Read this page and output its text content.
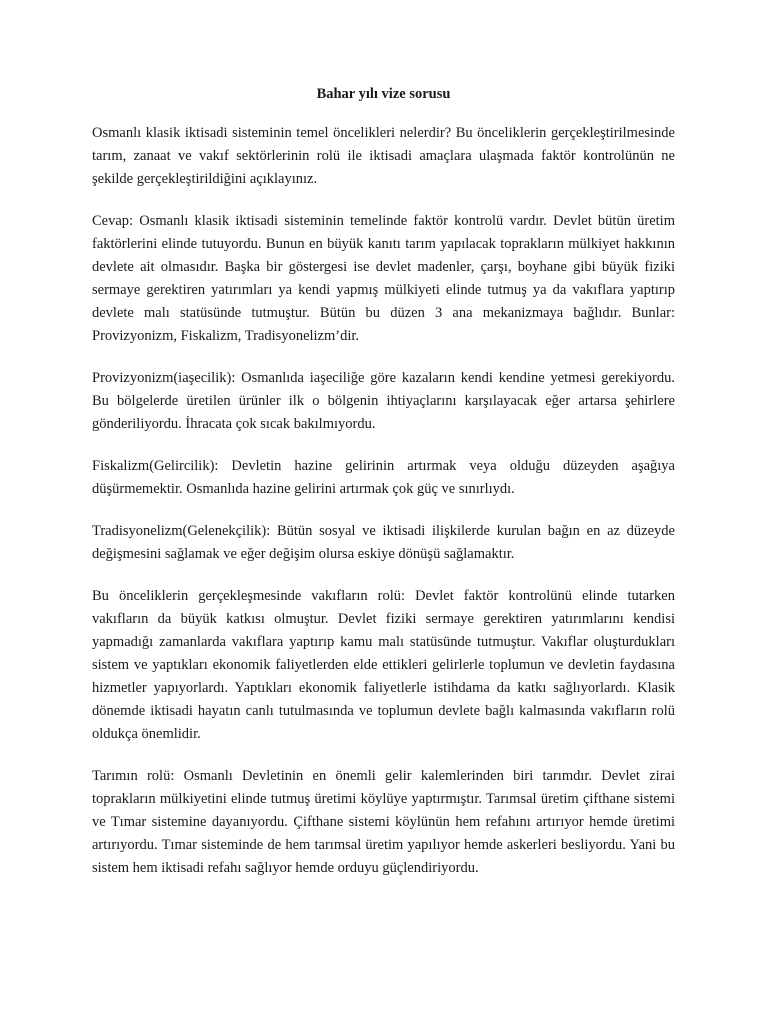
Bahar yılı vize sorusu

Osmanlı klasik iktisadi sisteminin temel öncelikleri nelerdir? Bu önceliklerin gerçekleştirilmesinde tarım, zanaat ve vakıf sektörlerinin rolü ile iktisadi amaçlara ulaşmada faktör kontrolünün ne şekilde gerçekleştirildiğini açıklayınız.

Cevap: Osmanlı klasik iktisadi sisteminin temelinde faktör kontrolü vardır. Devlet bütün üretim faktörlerini elinde tutuyordu. Bunun en büyük kanıtı tarım yapılacak toprakların mülkiyet hakkının devlete ait olmasıdır. Başka bir göstergesi ise devlet madenler, çarşı, boyhane gibi büyük fiziki sermaye gerektiren yatırımları ya kendi yapmış mülkiyeti elinde tutmuş ya da vakıflara yaptırıp devlete malı statüsünde tutmuştur. Bütün bu düzen 3 ana mekanizmaya bağlıdır. Bunlar: Provizyonizm, Fiskalizm, Tradisyonelizm’dir.

Provizyonizm(iaşecilik): Osmanlıda iaşeciliğe göre kazaların kendi kendine yetmesi gerekiyordu. Bu bölgelerde üretilen ürünler ilk o bölgenin ihtiyaçlarını karşılayacak eğer artarsa şehirlere gönderiliyordu. İhracata çok sıcak bakılmıyordu.

Fiskalizm(Gelircilik): Devletin hazine gelirinin artırmak veya olduğu düzeyden aşağıya düşürmemektir. Osmanlıda hazine gelirini artırmak çok güç ve sınırlıydı.

Tradisyonelizm(Gelenekçilik): Bütün sosyal ve iktisadi ilişkilerde kurulan bağın en az düzeyde değişmesini sağlamak ve eğer değişim olursa eskiye dönüşü sağlamaktır.

Bu önceliklerin gerçekleşmesinde vakıfların rolü: Devlet faktör kontrolünü elinde tutarken vakıfların da büyük katkısı olmuştur. Devlet fiziki sermaye gerektiren yatırımlarını kendisi yapmadığı zamanlarda vakıflara yaptırıp kamu malı statüsünde tutmuştur. Vakıflar oluşturdukları sistem ve yaptıkları ekonomik faliyetlerden elde ettikleri gelirlerle toplumun ve devletin faydasına hizmetler yapıyorlardı. Yaptıkları ekonomik faliyetlerle istihdama da katkı sağlıyorlardı. Klasik dönemde iktisadi hayatın canlı tutulmasında ve toplumun devlete bağlı kalmasında vakıfların rolü oldukça önemlidir.

Tarımın rolü: Osmanlı Devletinin en önemli gelir kalemlerinden biri tarımdır. Devlet zirai toprakların mülkiyetini elinde tutmuş üretimi köylüye yaptırmıştır. Tarımsal üretim çifthane sistemi ve Tımar sistemine dayanıyordu. Çifthane sistemi köylünün hem refahını artırıyor hemde üretimi artırıyordu. Tımar sisteminde de hem tarımsal üretim yapılıyor hemde askerleri besliyordu. Yani bu sistem hem iktisadi refahı sağlıyor hemde orduyu güçlendiriyordu.
